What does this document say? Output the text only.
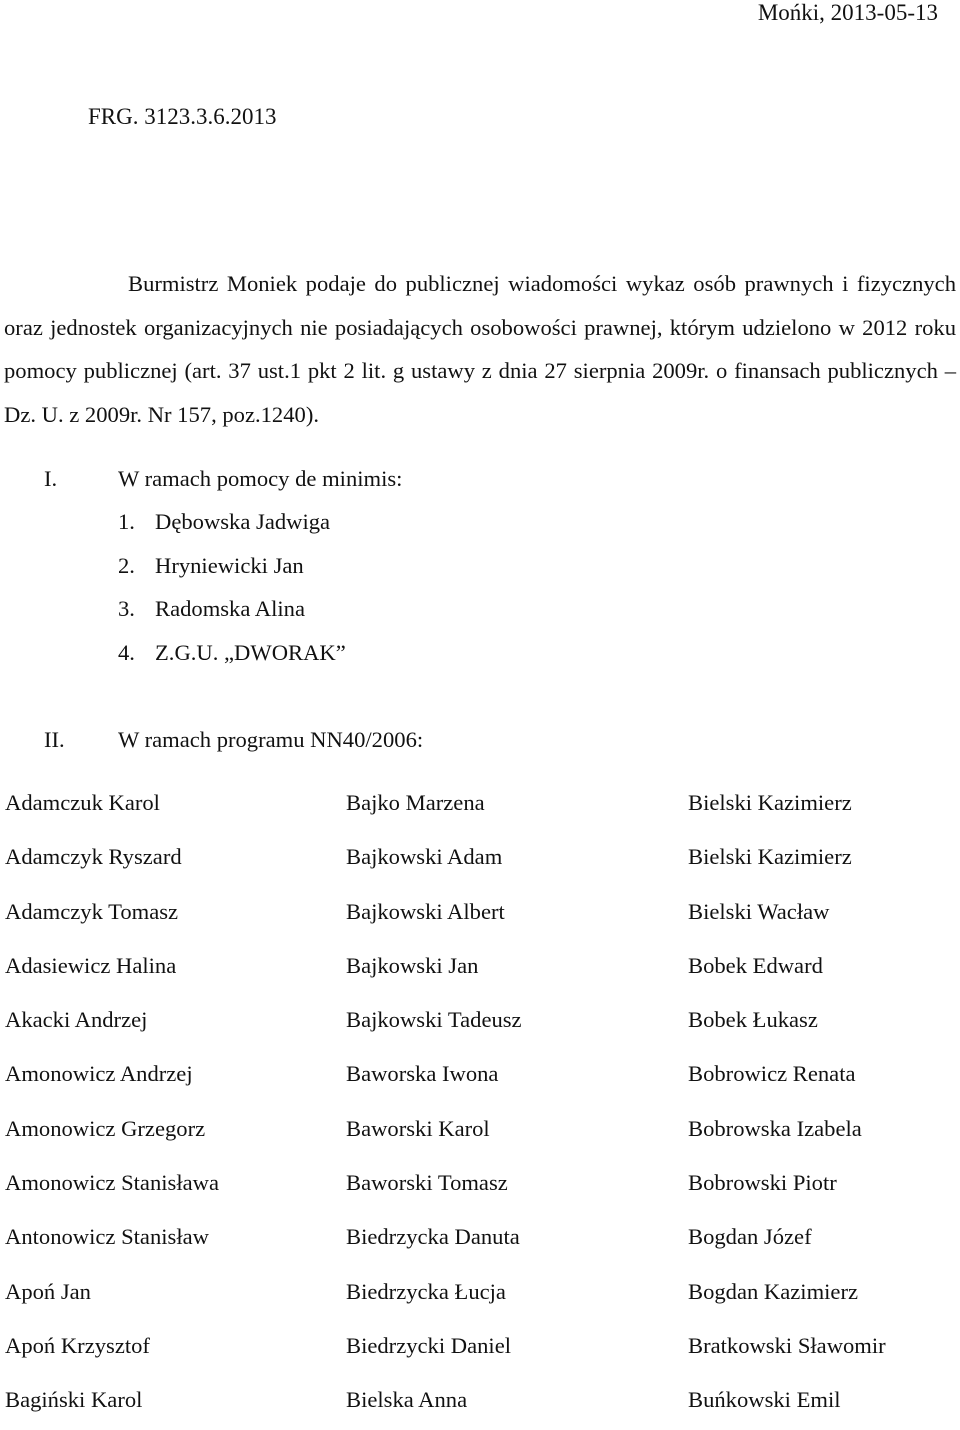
Mońki, 2013-05-13
FRG. 3123.3.6.2013

Burmistrz Moniek podaje do publicznej wiadomości wykaz osób prawnych i fizycznych oraz jednostek organizacyjnych nie posiadających osobowości prawnej, którym udzielono w 2012 roku pomocy publicznej (art. 37 ust.1 pkt 2 lit. g ustawy z dnia 27 sierpnia 2009r. o finansach publicznych – Dz. U. z 2009r. Nr 157, poz.1240).

I.	W ramach pomocy de minimis:
1. Dębowska Jadwiga
2. Hryniewicki Jan
3. Radomska Alina
4. Z.G.U. „DWORAK”
II. W ramach programu NN40/2006:
Adamczuk Karol	Bajko Marzena	Bielski Kazimierz
Adamczyk Ryszard	Bajkowski Adam	Bielski Kazimierz
Adamczyk Tomasz	Bajkowski Albert	Bielski Wacław
Adasiewicz Halina	Bajkowski Jan	Bobek Edward
Akacki Andrzej	Bajkowski Tadeusz	Bobek Łukasz
Amonowicz Andrzej	Baworska Iwona	Bobrowicz Renata
Amonowicz Grzegorz	Baworski Karol	Bobrowska Izabela
Amonowicz Stanisława	Baworski Tomasz	Bobrowski Piotr
Antonowicz Stanisław	Biedrzycka Danuta	Bogdan Józef
Apoń Jan	Biedrzycka Łucja	Bogdan Kazimierz
Apoń Krzysztof	Biedrzycki Daniel	Bratkowski Sławomir
Bagiński Karol	Bielska Anna	Buńkowski Emil
